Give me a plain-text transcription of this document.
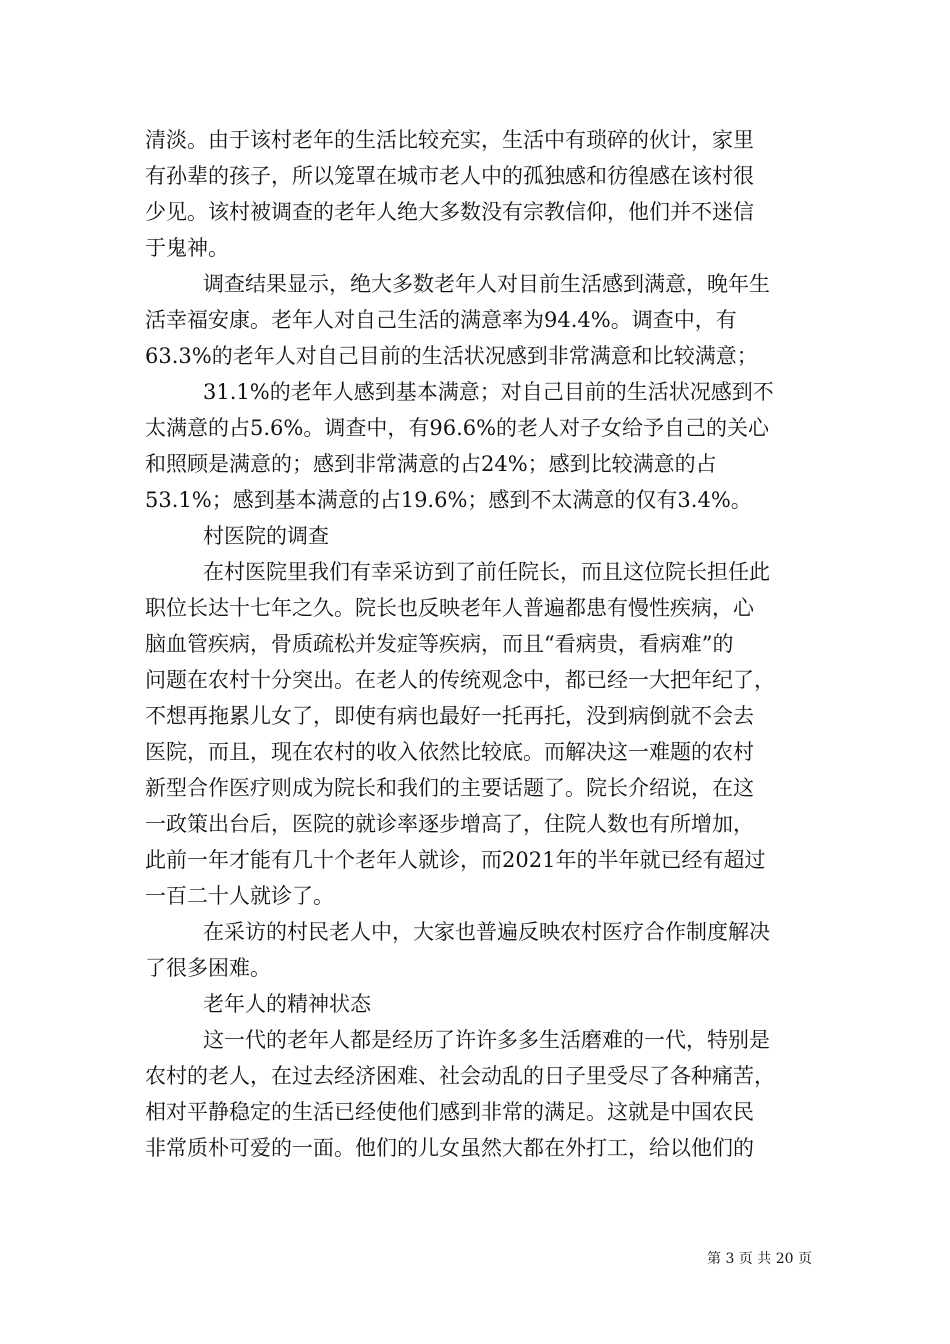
清淡。由于该村老年的生活比较充实，生活中有琐碎的伙计，家里
有孙辈的孩子，所以笼罩在城市老人中的孤独感和彷徨感在该村很
少见。该村被调查的老年人绝大多数没有宗教信仰，他们并不迷信
于鬼神。
调查结果显示，绝大多数老年人对目前生活感到满意，晚年生
活幸福安康。老年人对自己生活的满意率为94.4%。调查中，有
63.3%的老年人对自己目前的生活状况感到非常满意和比较满意；
31.1%的老年人感到基本满意；对自己目前的生活状况感到不
太满意的占5.6%。调查中，有96.6%的老人对子女给予自己的关心
和照顾是满意的；感到非常满意的占24%；感到比较满意的占
53.1%；感到基本满意的占19.6%；感到不太满意的仅有3.4%。
村医院的调查
在村医院里我们有幸采访到了前任院长，而且这位院长担任此
职位长达十七年之久。院长也反映老年人普遍都患有慢性疾病，心
脑血管疾病，骨质疏松并发症等疾病，而且“看病贵，看病难”的
问题在农村十分突出。在老人的传统观念中，都已经一大把年纪了，
不想再拖累儿女了，即使有病也最好一托再托，没到病倒就不会去
医院，而且，现在农村的收入依然比较底。而解决这一难题的农村
新型合作医疗则成为院长和我们的主要话题了。院长介绍说，在这
一政策出台后，医院的就诊率逐步增高了，住院人数也有所增加，
此前一年才能有几十个老年人就诊，而2021年的半年就已经有超过
一百二十人就诊了。
在采访的村民老人中，大家也普遍反映农村医疗合作制度解决
了很多困难。
老年人的精神状态
这一代的老年人都是经历了许许多多生活磨难的一代，特别是
农村的老人，在过去经济困难、社会动乱的日子里受尽了各种痛苦，
相对平静稳定的生活已经使他们感到非常的满足。这就是中国农民
非常质朴可爱的一面。他们的儿女虽然大都在外打工，给以他们的
第 3 页 共 20 页
